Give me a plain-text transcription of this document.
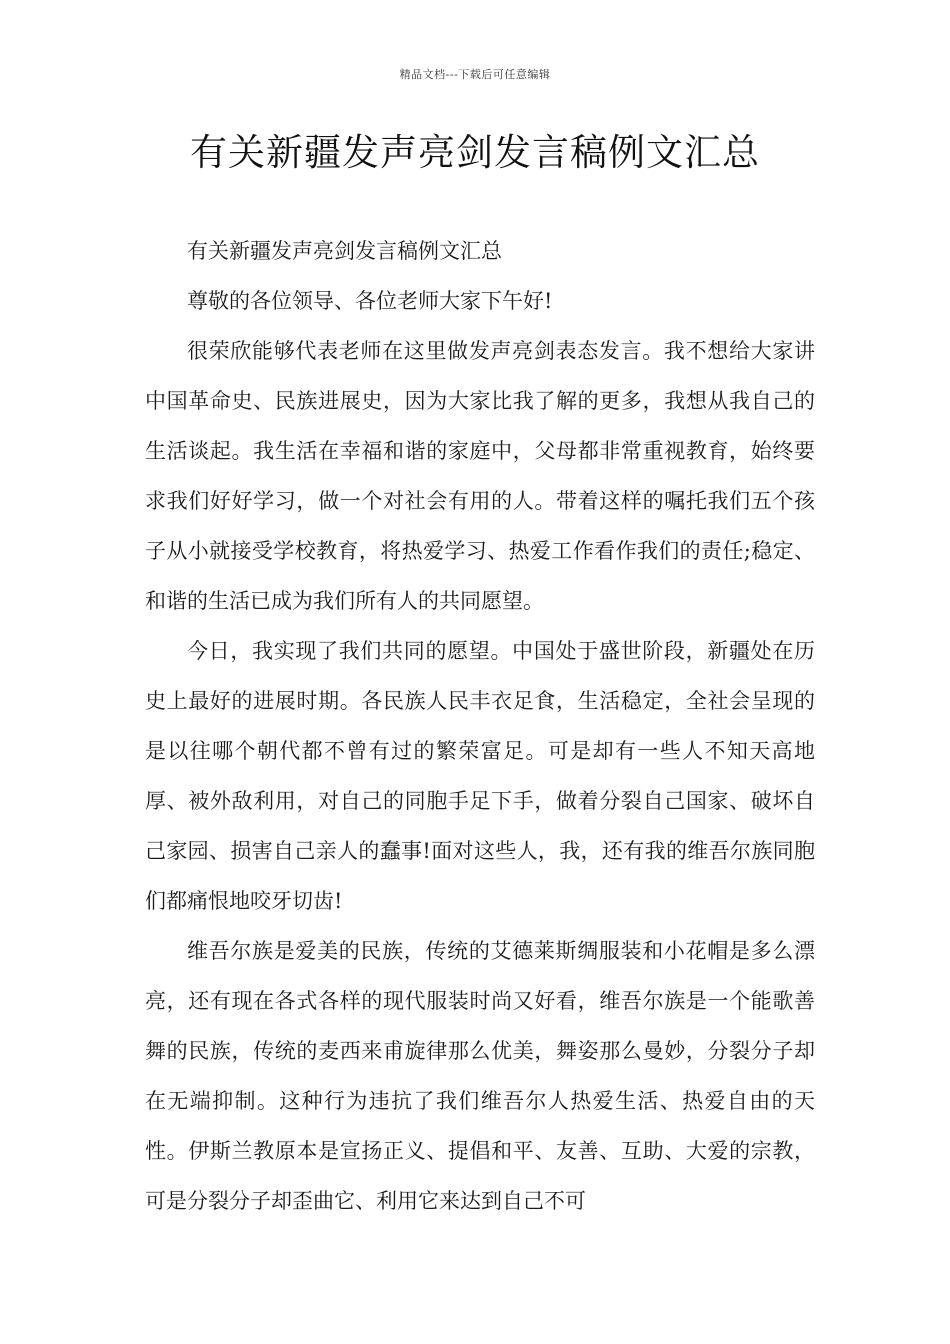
精品文档---下载后可任意编辑
有关新疆发声亮剑发言稿例文汇总

有关新疆发声亮剑发言稿例文汇总

尊敬的各位领导、各位老师大家下午好!

很荣欣能够代表老师在这里做发声亮剑表态发言。我不想给大家讲中国革命史、民族进展史，因为大家比我了解的更多，我想从我自己的生活谈起。我生活在幸福和谐的家庭中，父母都非常重视教育，始终要求我们好好学习，做一个对社会有用的人。带着这样的嘱托我们五个孩子从小就接受学校教育，将热爱学习、热爱工作看作我们的责任;稳定、和谐的生活已成为我们所有人的共同愿望。

今日，我实现了我们共同的愿望。中国处于盛世阶段，新疆处在历史上最好的进展时期。各民族人民丰衣足食，生活稳定，全社会呈现的是以往哪个朝代都不曾有过的繁荣富足。可是却有一些人不知天高地厚、被外敌利用，对自己的同胞手足下手，做着分裂自己国家、破坏自己家园、损害自己亲人的蠢事!面对这些人，我，还有我的维吾尔族同胞们都痛恨地咬牙切齿!

维吾尔族是爱美的民族，传统的艾德莱斯绸服装和小花帽是多么漂亮，还有现在各式各样的现代服装时尚又好看，维吾尔族是一个能歌善舞的民族，传统的麦西来甫旋律那么优美，舞姿那么曼妙，分裂分子却在无端抑制。这种行为违抗了我们维吾尔人热爱生活、热爱自由的天性。伊斯兰教原本是宣扬正义、提倡和平、友善、互助、大爱的宗教，可是分裂分子却歪曲它、利用它来达到自己不可
